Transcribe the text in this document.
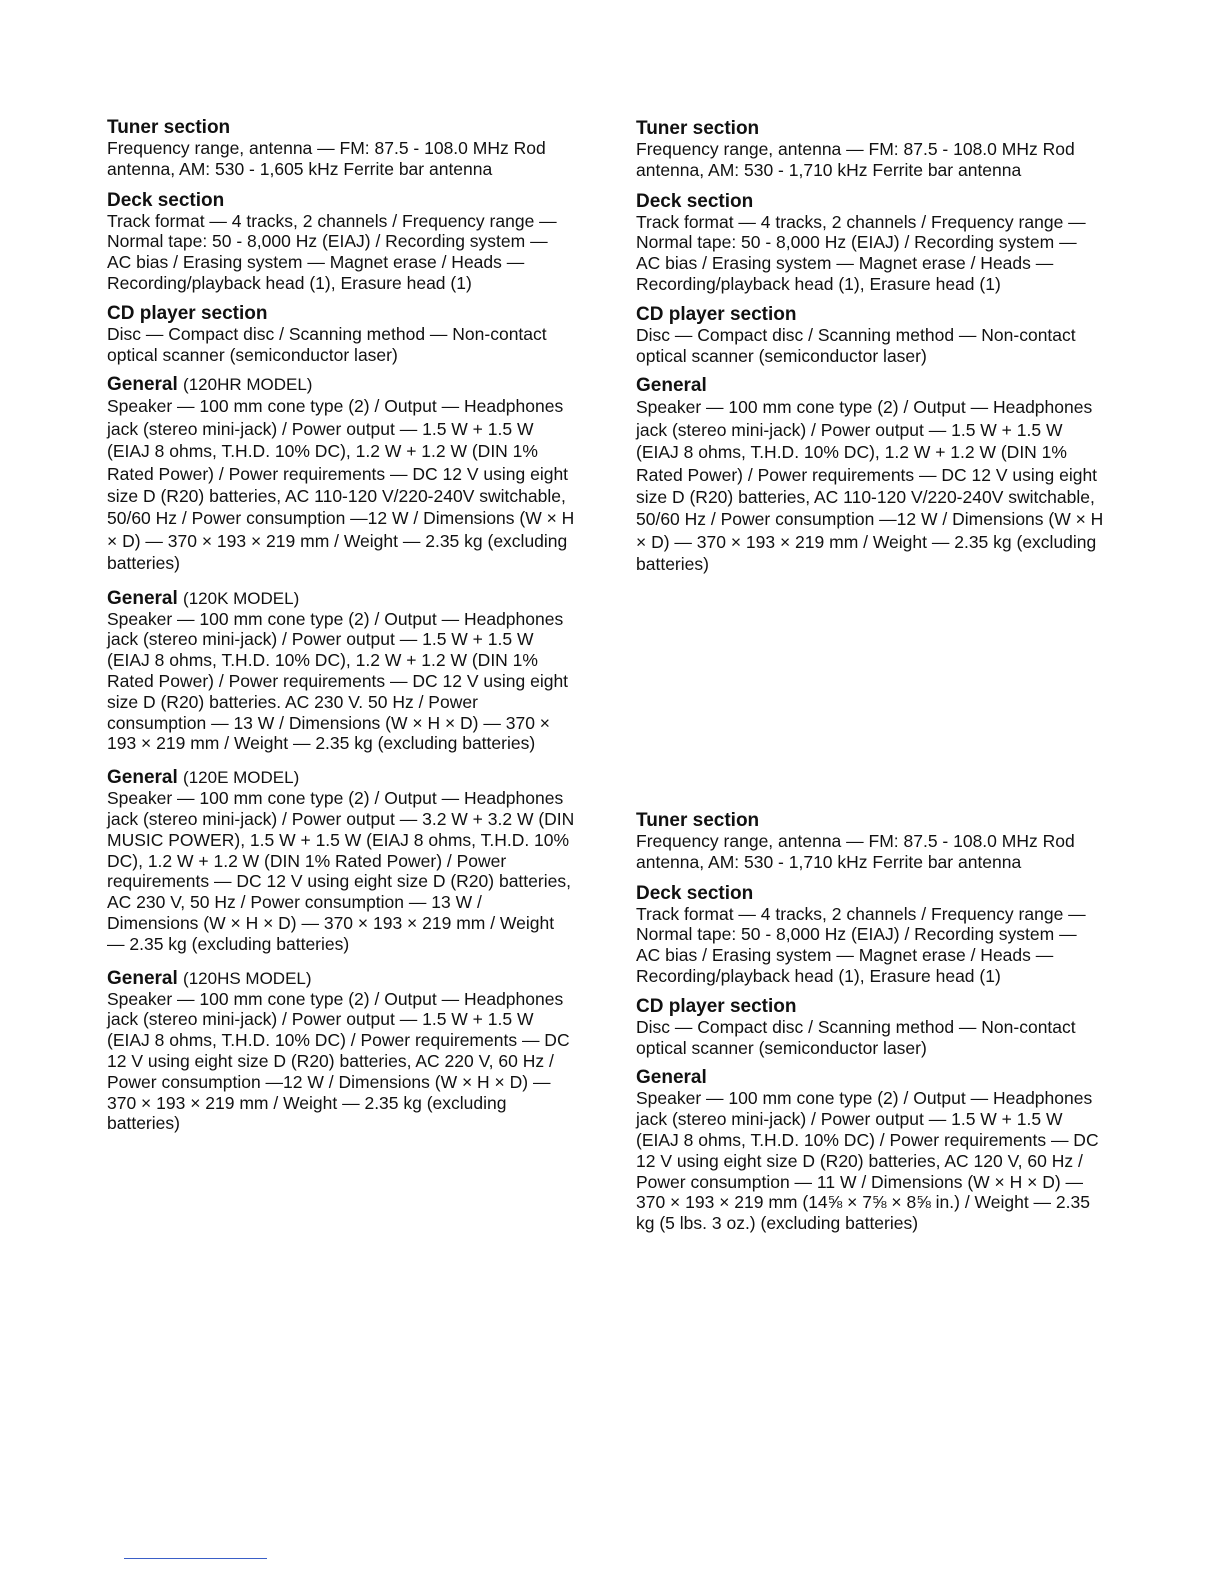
Tuner section

Frequency range, antenna — FM: 87.5 - 108.0 MHz Rod antenna, AM: 530 - 1,605 kHz Ferrite bar antenna

Deck section

Track format — 4 tracks, 2 channels / Frequency range — Normal tape: 50 - 8,000 Hz (EIAJ) / Recording system — AC bias / Erasing system — Magnet erase / Heads — Recording/playback head (1), Erasure head (1)

CD player section

Disc — Compact disc / Scanning method — Non-contact optical scanner (semiconductor laser)

General (120HR MODEL)

Speaker — 100 mm cone type (2) / Output — Headphones jack (stereo mini-jack) / Power output — 1.5 W + 1.5 W (EIAJ 8 ohms, T.H.D. 10% DC), 1.2 W + 1.2 W (DIN 1% Rated Power) / Power requirements — DC 12 V using eight size D (R20) batteries, AC 110-120 V/220-240V switchable, 50/60 Hz / Power consumption —12 W / Dimensions (W × H × D) — 370 × 193 × 219 mm / Weight — 2.35 kg (excluding batteries)

General (120K MODEL)

Speaker — 100 mm cone type (2) / Output — Headphones jack (stereo mini-jack) / Power output — 1.5 W + 1.5 W (EIAJ 8 ohms, T.H.D. 10% DC), 1.2 W + 1.2 W (DIN 1% Rated Power) / Power requirements — DC 12 V using eight size D (R20) batteries. AC 230 V. 50 Hz / Power consumption — 13 W / Dimensions (W × H × D) — 370 × 193 × 219 mm / Weight — 2.35 kg (excluding batteries)

General (120E MODEL)

Speaker — 100 mm cone type (2) / Output — Headphones jack (stereo mini-jack) / Power output — 3.2 W + 3.2 W (DIN MUSIC POWER), 1.5 W + 1.5 W (EIAJ 8 ohms, T.H.D. 10% DC), 1.2 W + 1.2 W (DIN 1% Rated Power) / Power requirements — DC 12 V using eight size D (R20) batteries, AC 230 V, 50 Hz / Power consumption — 13 W / Dimensions (W × H × D) — 370 × 193 × 219 mm / Weight — 2.35 kg (excluding batteries)

General (120HS MODEL)

Speaker — 100 mm cone type (2) / Output — Headphones jack (stereo mini-jack) / Power output — 1.5 W + 1.5 W (EIAJ 8 ohms, T.H.D. 10% DC) / Power requirements — DC 12 V using eight size D (R20) batteries, AC 220 V, 60 Hz / Power consumption —12 W / Dimensions (W × H × D) — 370 × 193 × 219 mm / Weight — 2.35 kg (excluding batteries)

Tuner section

Frequency range, antenna — FM: 87.5 - 108.0 MHz Rod antenna, AM: 530 - 1,710 kHz Ferrite bar antenna

Deck section

Track format — 4 tracks, 2 channels / Frequency range — Normal tape: 50 - 8,000 Hz (EIAJ) / Recording system — AC bias / Erasing system — Magnet erase / Heads — Recording/playback head (1), Erasure head (1)

CD player section

Disc — Compact disc / Scanning method — Non-contact optical scanner (semiconductor laser)

General

Speaker — 100 mm cone type (2) / Output — Headphones jack (stereo mini-jack) / Power output — 1.5 W + 1.5 W (EIAJ 8 ohms, T.H.D. 10% DC), 1.2 W + 1.2 W (DIN 1% Rated Power) / Power requirements — DC 12 V using eight size D (R20) batteries, AC 110-120 V/220-240V switchable, 50/60 Hz / Power consumption —12 W / Dimensions (W × H × D) — 370 × 193 × 219 mm / Weight — 2.35 kg (excluding batteries)

Tuner section

Frequency range, antenna — FM: 87.5 - 108.0 MHz Rod antenna, AM: 530 - 1,710 kHz Ferrite bar antenna

Deck section

Track format — 4 tracks, 2 channels / Frequency range — Normal tape: 50 - 8,000 Hz (EIAJ) / Recording system — AC bias / Erasing system — Magnet erase / Heads — Recording/playback head (1), Erasure head (1)

CD player section

Disc — Compact disc / Scanning method — Non-contact optical scanner (semiconductor laser)

General

Speaker — 100 mm cone type (2) / Output — Headphones jack (stereo mini-jack) / Power output — 1.5 W + 1.5 W (EIAJ 8 ohms, T.H.D. 10% DC) / Power requirements — DC 12 V using eight size D (R20) batteries, AC 120 V, 60 Hz / Power consumption — 11 W / Dimensions (W × H × D) — 370 × 193 × 219 mm (14⅝ × 7⅝ × 8⅝ in.) / Weight — 2.35 kg (5 lbs. 3 oz.) (excluding batteries)
